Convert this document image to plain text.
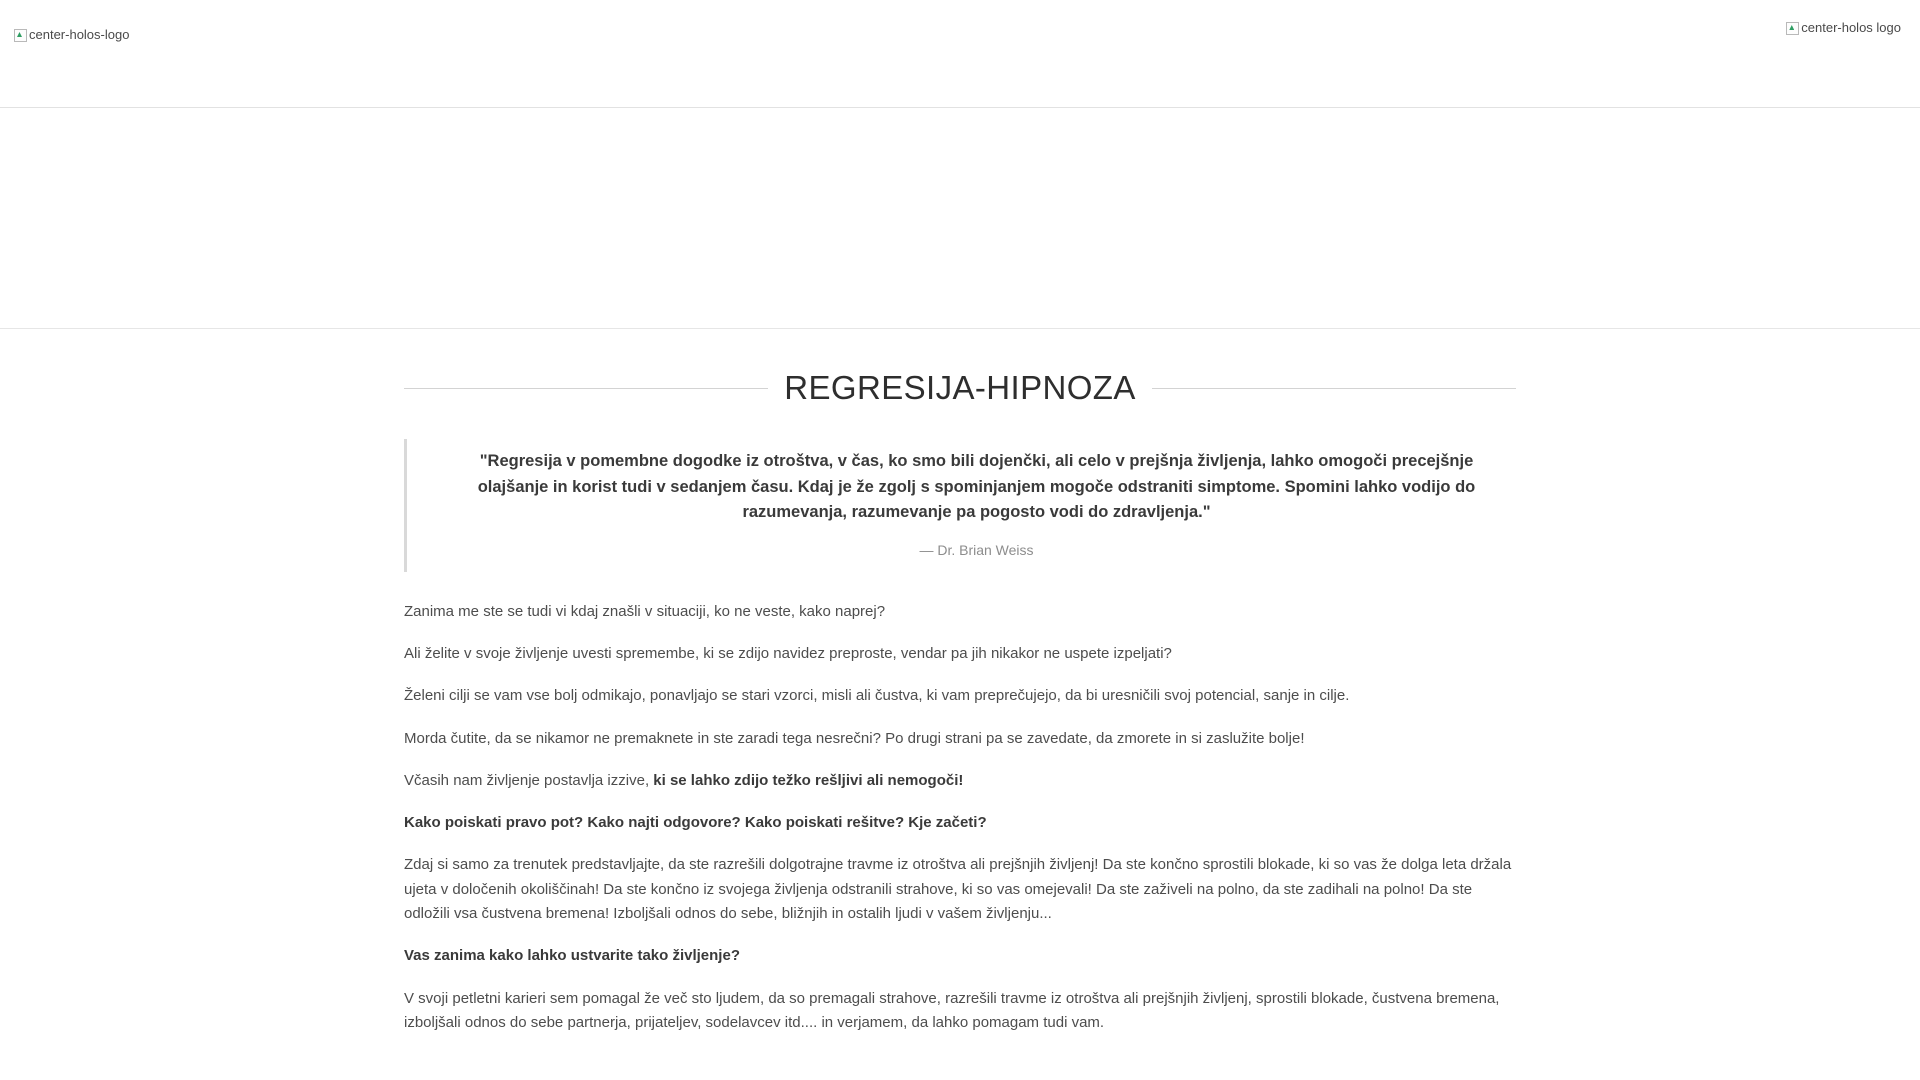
center-holos-logo	center-holos logo
REGRESIJA-HIPNOZA

"Regresija v pomembne dogodke iz otroštva, v čas, ko smo bili dojenčki, ali celo v prejšnja življenja, lahko omogoči precejšnje olajšanje in korist tudi v sedanjem času. Kdaj je že zgolj s spominjanjem mogoče odstraniti simptome. Spomini lahko vodijo do razumevanja, razumevanje pa pogosto vodi do zdravljenja."

— Dr. Brian Weiss

Zanima me ste se tudi vi kdaj znašli v situaciji, ko ne veste, kako naprej?

Ali želite v svoje življenje uvesti spremembe, ki se zdijo navidez preproste, vendar pa jih nikakor ne uspete izpeljati?

Želeni cilji se vam vse bolj odmikajo, ponavljajo se stari vzorci, misli ali čustva, ki vam preprečujejo, da bi uresničili svoj potencial, sanje in cilje.

Morda čutite, da se nikamor ne premaknete in ste zaradi tega nesrečni? Po drugi strani pa se zavedate, da zmorete in si zaslužite bolje!

Včasih nam življenje postavlja izzive, ki se lahko zdijo težko rešljivi ali nemogoči!

Kako poiskati pravo pot? Kako najti odgovore? Kako poiskati rešitve? Kje začeti?

Zdaj si samo za trenutek predstavljajte, da ste razrešili dolgotrajne travme iz otroštva ali prejšnjih življenj! Da ste končno sprostili blokade, ki so vas že dolga leta držala ujeta v določenih okoliščinah! Da ste končno iz svojega življenja odstranili strahove, ki so vas omejevali! Da ste zaživeli na polno, da ste zadihali na polno! Da ste odložili vsa čustvena bremena! Izboljšali odnos do sebe, bližnjih in ostalih ljudi v vašem življenju...

Vas zanima kako lahko ustvarite tako življenje?

V svoji petletni karieri sem pomagal že več sto ljudem, da so premagali strahove, razrešili travme iz otroštva ali prejšnjih življenj, sprostili blokade, čustvena bremena, izboljšali odnos do sebe partnerja, prijateljev, sodelavcev itd.... in verjamem, da lahko pomagam tudi vam.
